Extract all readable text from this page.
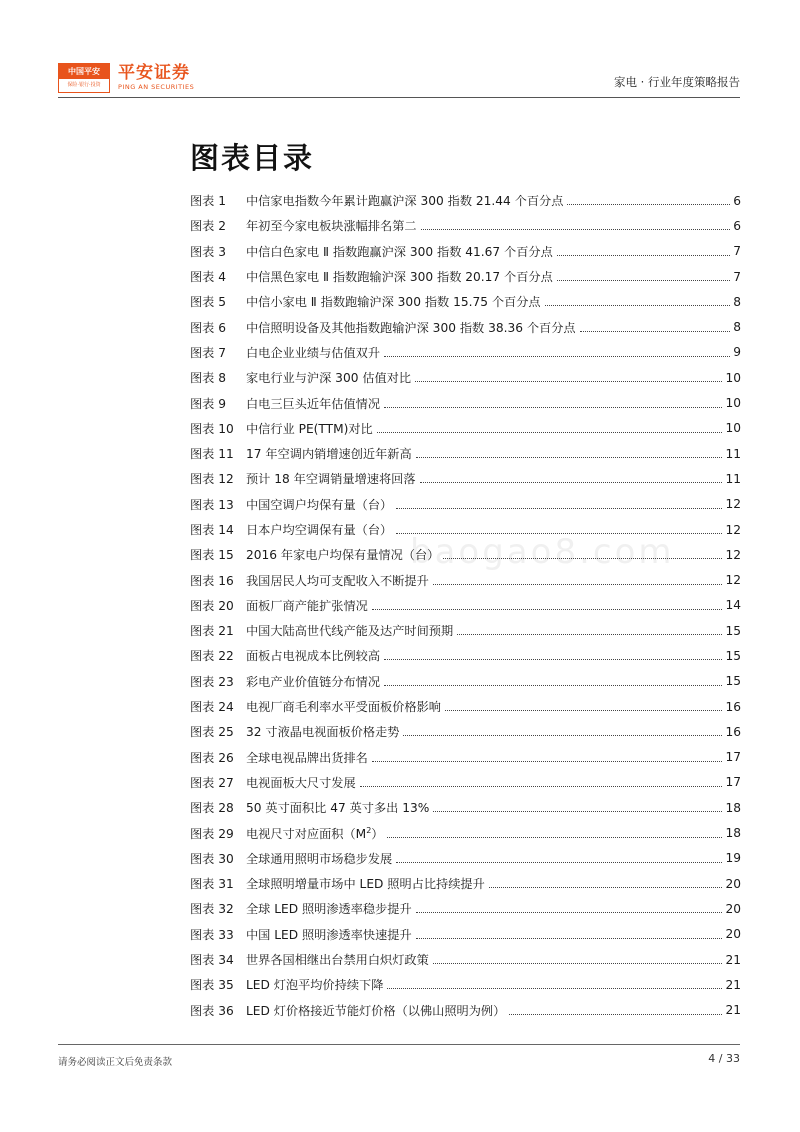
中国平安
保险·银行·投资
平安证券
PING AN SECURITIES	家电 · 行业年度策略报告
图表目录
baogao8.com
图表 1	中信家电指数今年累计跑赢沪深 300 指数 21.44 个百分点	6
图表 2	年初至今家电板块涨幅排名第二	6
图表 3	中信白色家电 Ⅱ 指数跑赢沪深 300 指数 41.67 个百分点	7
图表 4	中信黑色家电 Ⅱ 指数跑输沪深 300 指数 20.17 个百分点	7
图表 5	中信小家电 Ⅱ 指数跑输沪深 300 指数 15.75 个百分点	8
图表 6	中信照明设备及其他指数跑输沪深 300 指数 38.36 个百分点	8
图表 7	白电企业业绩与估值双升	9
图表 8	家电行业与沪深 300 估值对比	10
图表 9	白电三巨头近年估值情况	10
图表 10	中信行业 PE(TTM)对比	10
图表 11	17 年空调内销增速创近年新高	11
图表 12	预计 18 年空调销量增速将回落	11
图表 13	中国空调户均保有量（台）	12
图表 14	日本户均空调保有量（台）	12
图表 15	2016 年家电户均保有量情况（台）	12
图表 16	我国居民人均可支配收入不断提升	12
图表 20	面板厂商产能扩张情况	14
图表 21	中国大陆高世代线产能及达产时间预期	15
图表 22	面板占电视成本比例较高	15
图表 23	彩电产业价值链分布情况	15
图表 24	电视厂商毛利率水平受面板价格影响	16
图表 25	32 寸液晶电视面板价格走势	16
图表 26	全球电视品牌出货排名	17
图表 27	电视面板大尺寸发展	17
图表 28	50 英寸面积比 47 英寸多出 13%	18
图表 29	电视尺寸对应面积$(M^2)$	18
图表 30	全球通用照明市场稳步发展	19
图表 31	全球照明增量市场中 LED 照明占比持续提升	20
图表 32	全球 LED 照明渗透率稳步提升	20
图表 33	中国 LED 照明渗透率快速提升	20
图表 34	世界各国相继出台禁用白炽灯政策	21
图表 35	LED 灯泡平均价持续下降	21
图表 36	LED 灯价格接近节能灯价格（以佛山照明为例）	21
请务必阅读正文后免责条款	4 / 33
